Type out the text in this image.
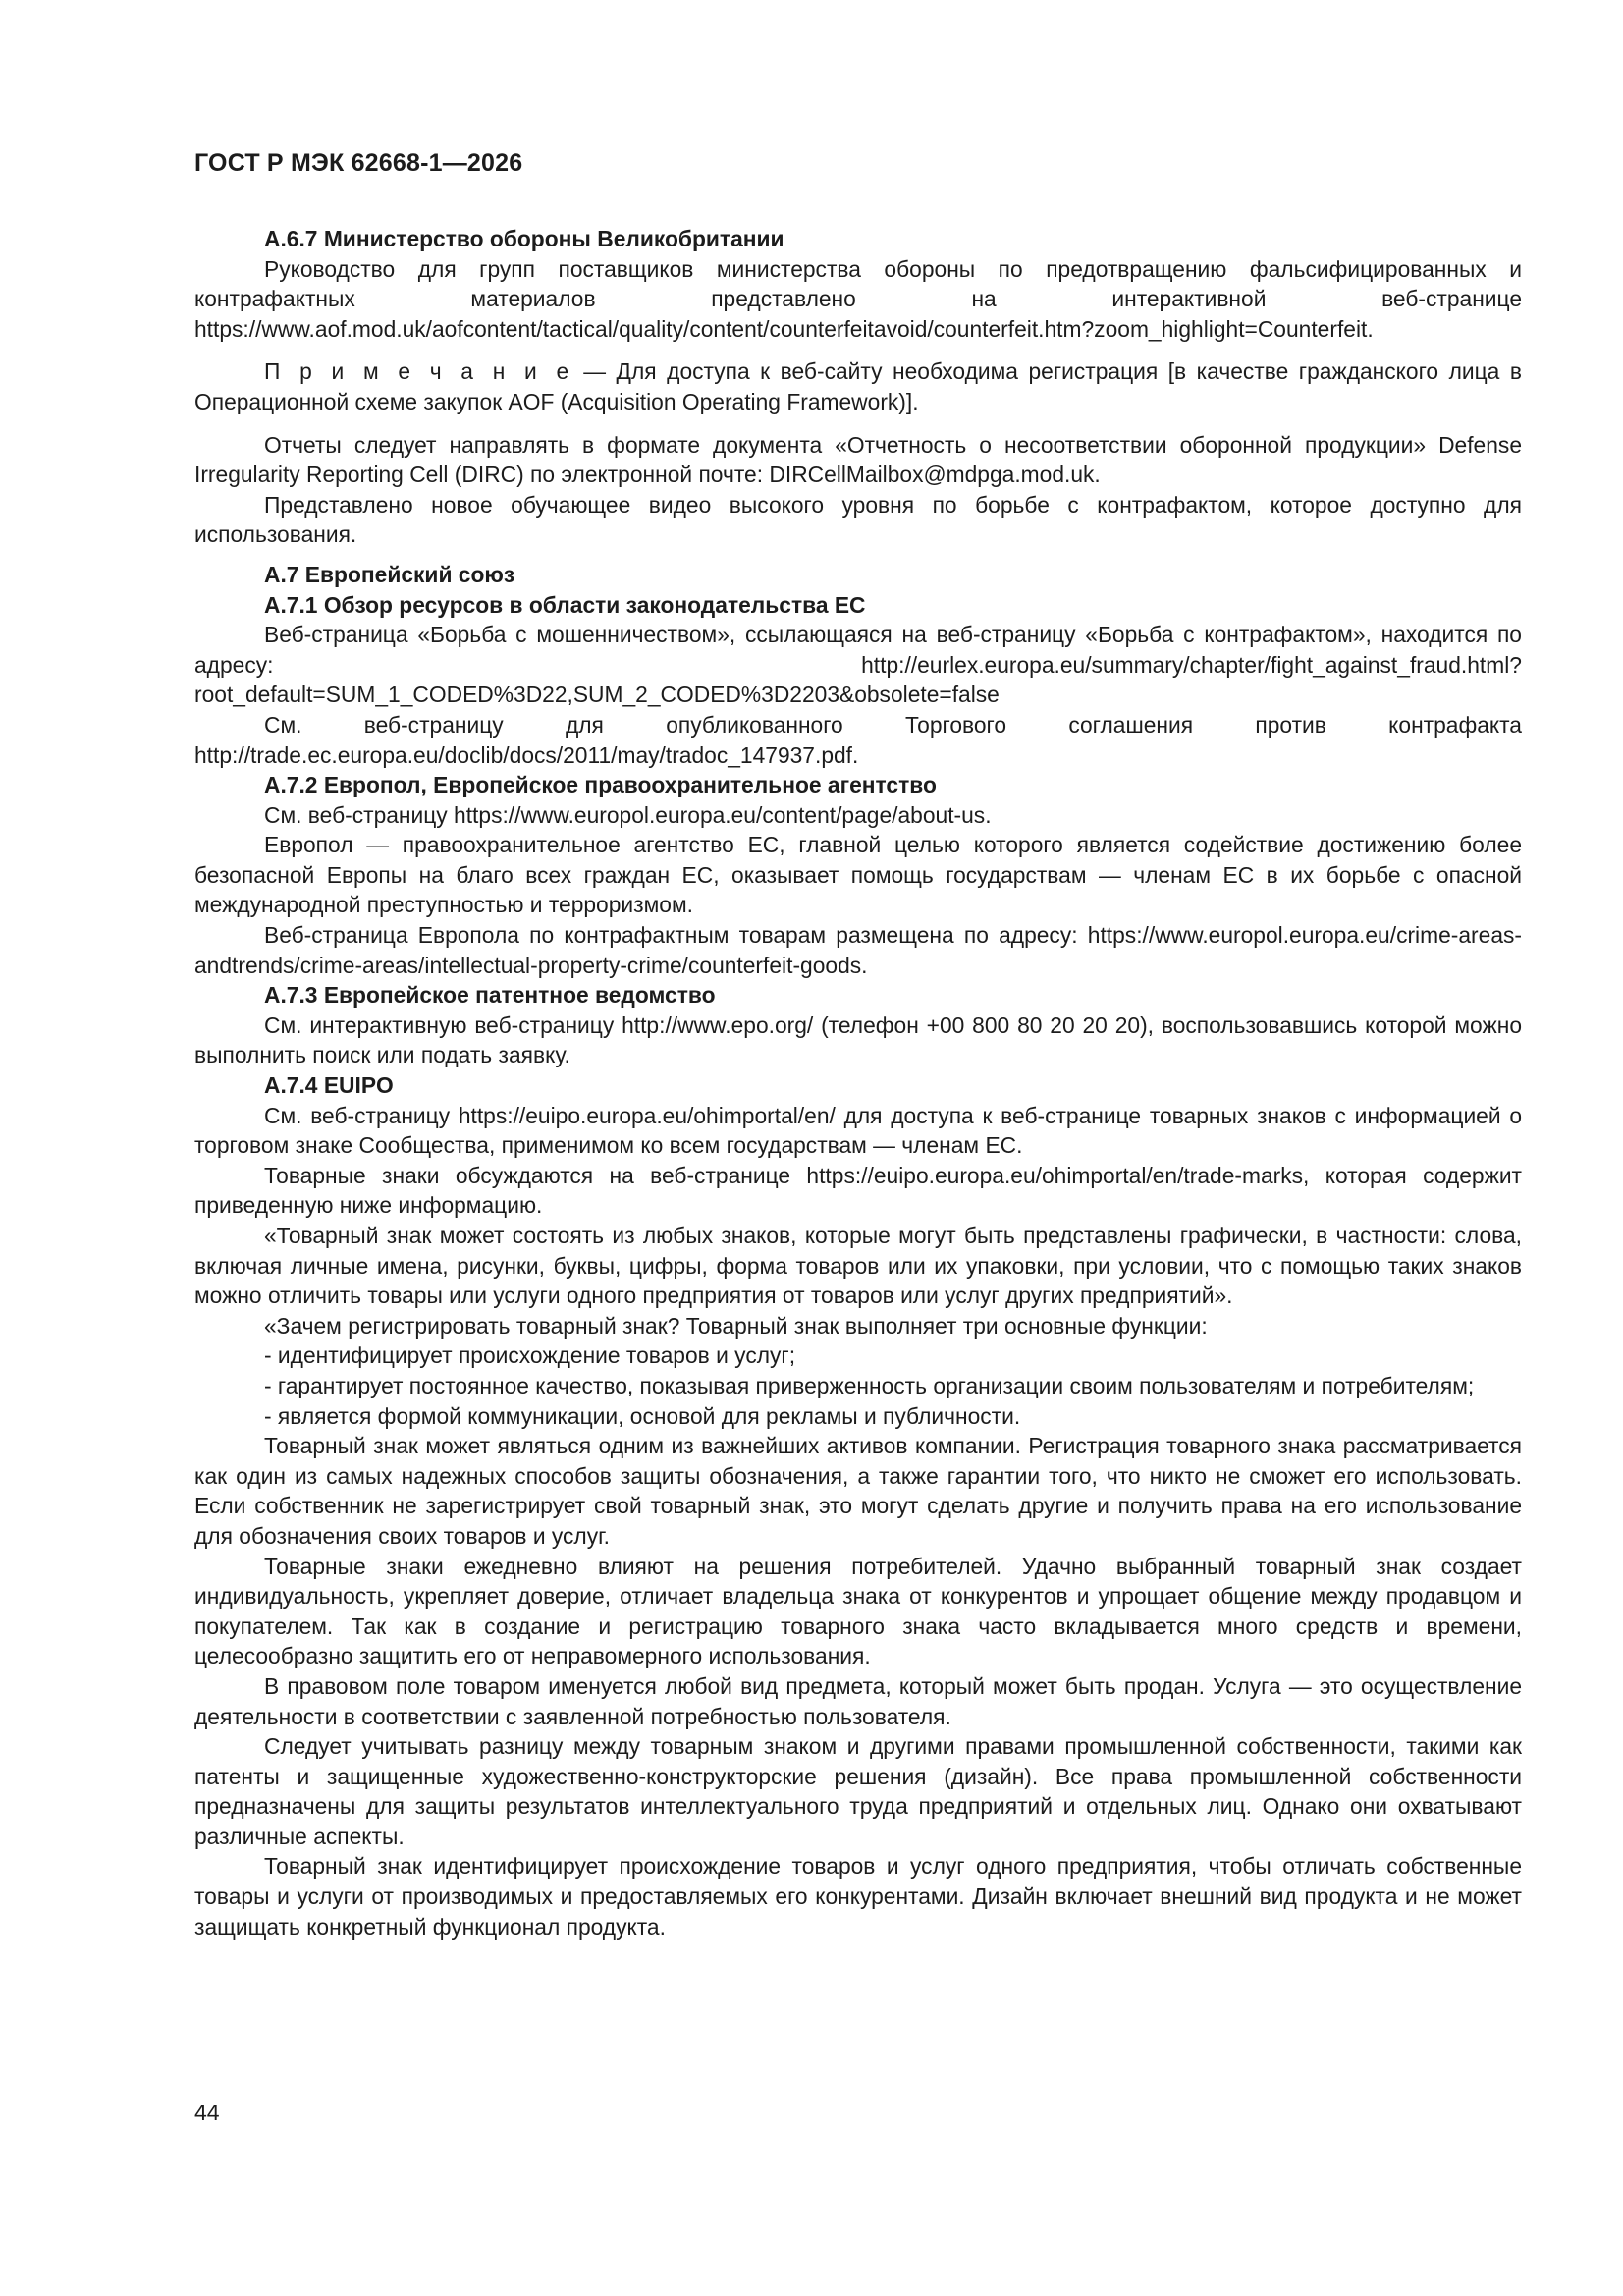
ГОСТ Р МЭК 62668-1—2026

А.6.7 Министерство обороны Великобритании

Руководство для групп поставщиков министерства обороны по предотвращению фальсифицированных и контрафактных материалов представлено на интерактивной веб-странице https://www.aof.mod.uk/aofcontent/tactical/quality/content/counterfeitavoid/counterfeit.htm?zoom_highlight=Counterfeit.

П р и м е ч а н и е — Для доступа к веб-сайту необходима регистрация [в качестве гражданского лица в Операционной схеме закупок AOF (Acquisition Operating Framework)].

Отчеты следует направлять в формате документа «Отчетность о несоответствии оборонной продукции» Defense Irregularity Reporting Cell (DIRC) по электронной почте: DIRCellMailbox@mdpga.mod.uk.

Представлено новое обучающее видео высокого уровня по борьбе с контрафактом, которое доступно для использования.

А.7 Европейский союз

А.7.1 Обзор ресурсов в области законодательства ЕС

Веб-страница «Борьба с мошенничеством», ссылающаяся на веб-страницу «Борьба с контрафактом», находится по адресу: http://eurlex.europa.eu/summary/chapter/fight_against_fraud.html?root_default=SUM_1_CODED%3D22,SUM_2_CODED%3D2203&obsolete=false

См. веб-страницу для опубликованного Торгового соглашения против контрафакта http://trade.ec.europa.eu/doclib/docs/2011/may/tradoc_147937.pdf.

А.7.2 Европол, Европейское правоохранительное агентство

См. веб-страницу https://www.europol.europa.eu/content/page/about-us.

Европол — правоохранительное агентство ЕС, главной целью которого является содействие достижению более безопасной Европы на благо всех граждан ЕС, оказывает помощь государствам — членам ЕС в их борьбе с опасной международной преступностью и терроризмом.

Веб-страница Европола по контрафактным товарам размещена по адресу: https://www.europol.europa.eu/crime-areas-andtrends/crime-areas/intellectual-property-crime/counterfeit-goods.

А.7.3 Европейское патентное ведомство

См. интерактивную веб-страницу http://www.epo.org/ (телефон +00 800 80 20 20 20), воспользовавшись которой можно выполнить поиск или подать заявку.

А.7.4 EUIPO

См. веб-страницу https://euipo.europa.eu/ohimportal/en/ для доступа к веб-странице товарных знаков с информацией о торговом знаке Сообщества, применимом ко всем государствам — членам ЕС.

Товарные знаки обсуждаются на веб-странице https://euipo.europa.eu/ohimportal/en/trade-marks, которая содержит приведенную ниже информацию.

«Товарный знак может состоять из любых знаков, которые могут быть представлены графически, в частности: слова, включая личные имена, рисунки, буквы, цифры, форма товаров или их упаковки, при условии, что с помощью таких знаков можно отличить товары или услуги одного предприятия от товаров или услуг других предприятий».

«Зачем регистрировать товарный знак? Товарный знак выполняет три основные функции:

- идентифицирует происхождение товаров и услуг;

- гарантирует постоянное качество, показывая приверженность организации своим пользователям и потребителям;

- является формой коммуникации, основой для рекламы и публичности.

Товарный знак может являться одним из важнейших активов компании. Регистрация товарного знака рассматривается как один из самых надежных способов защиты обозначения, а также гарантии того, что никто не сможет его использовать. Если собственник не зарегистрирует свой товарный знак, это могут сделать другие и получить права на его использование для обозначения своих товаров и услуг.

Товарные знаки ежедневно влияют на решения потребителей. Удачно выбранный товарный знак создает индивидуальность, укрепляет доверие, отличает владельца знака от конкурентов и упрощает общение между продавцом и покупателем. Так как в создание и регистрацию товарного знака часто вкладывается много средств и времени, целесообразно защитить его от неправомерного использования.

В правовом поле товаром именуется любой вид предмета, который может быть продан. Услуга — это осуществление деятельности в соответствии с заявленной потребностью пользователя.

Следует учитывать разницу между товарным знаком и другими правами промышленной собственности, такими как патенты и защищенные художественно-конструкторские решения (дизайн). Все права промышленной собственности предназначены для защиты результатов интеллектуального труда предприятий и отдельных лиц. Однако они охватывают различные аспекты.

Товарный знак идентифицирует происхождение товаров и услуг одного предприятия, чтобы отличать собственные товары и услуги от производимых и предоставляемых его конкурентами. Дизайн включает внешний вид продукта и не может защищать конкретный функционал продукта.

44
